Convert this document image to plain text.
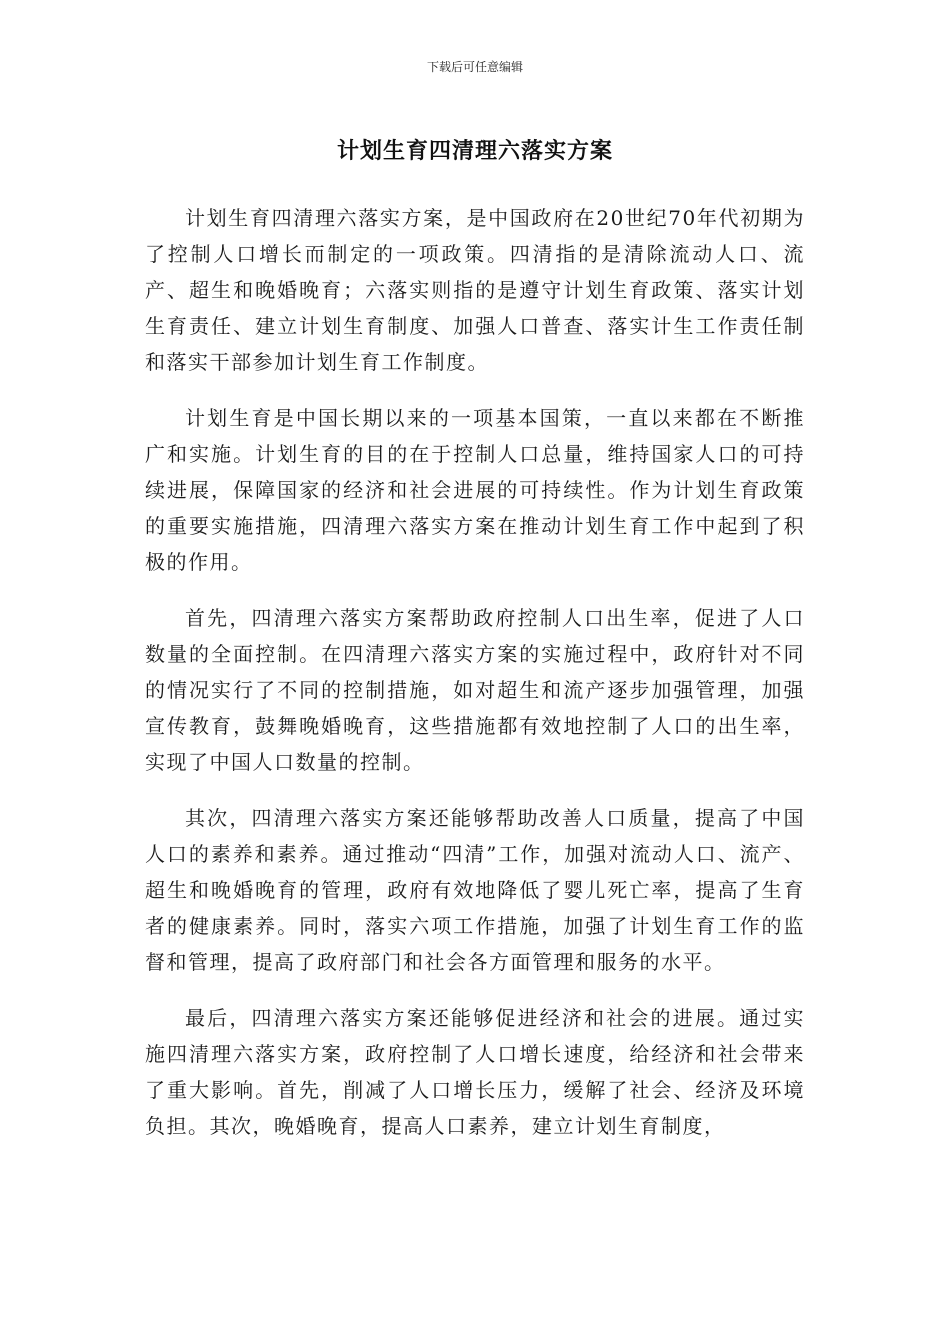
下载后可任意编辑
计划生育四清理六落实方案

计划生育四清理六落实方案，是中国政府在20世纪70年代初期为了控制人口增长而制定的一项政策。四清指的是清除流动人口、流产、超生和晚婚晚育；六落实则指的是遵守计划生育政策、落实计划生育责任、建立计划生育制度、加强人口普查、落实计生工作责任制和落实干部参加计划生育工作制度。

计划生育是中国长期以来的一项基本国策，一直以来都在不断推广和实施。计划生育的目的在于控制人口总量，维持国家人口的可持续进展，保障国家的经济和社会进展的可持续性。作为计划生育政策的重要实施措施，四清理六落实方案在推动计划生育工作中起到了积极的作用。

首先，四清理六落实方案帮助政府控制人口出生率，促进了人口数量的全面控制。在四清理六落实方案的实施过程中，政府针对不同的情况实行了不同的控制措施，如对超生和流产逐步加强管理，加强宣传教育，鼓舞晚婚晚育，这些措施都有效地控制了人口的出生率，实现了中国人口数量的控制。

其次，四清理六落实方案还能够帮助改善人口质量，提高了中国人口的素养和素养。通过推动“四清”工作，加强对流动人口、流产、超生和晚婚晚育的管理，政府有效地降低了婴儿死亡率，提高了生育者的健康素养。同时，落实六项工作措施，加强了计划生育工作的监督和管理，提高了政府部门和社会各方面管理和服务的水平。

最后，四清理六落实方案还能够促进经济和社会的进展。通过实施四清理六落实方案，政府控制了人口增长速度，给经济和社会带来了重大影响。首先，削减了人口增长压力，缓解了社会、经济及环境负担。其次，晚婚晚育，提高人口素养，建立计划生育制度，
